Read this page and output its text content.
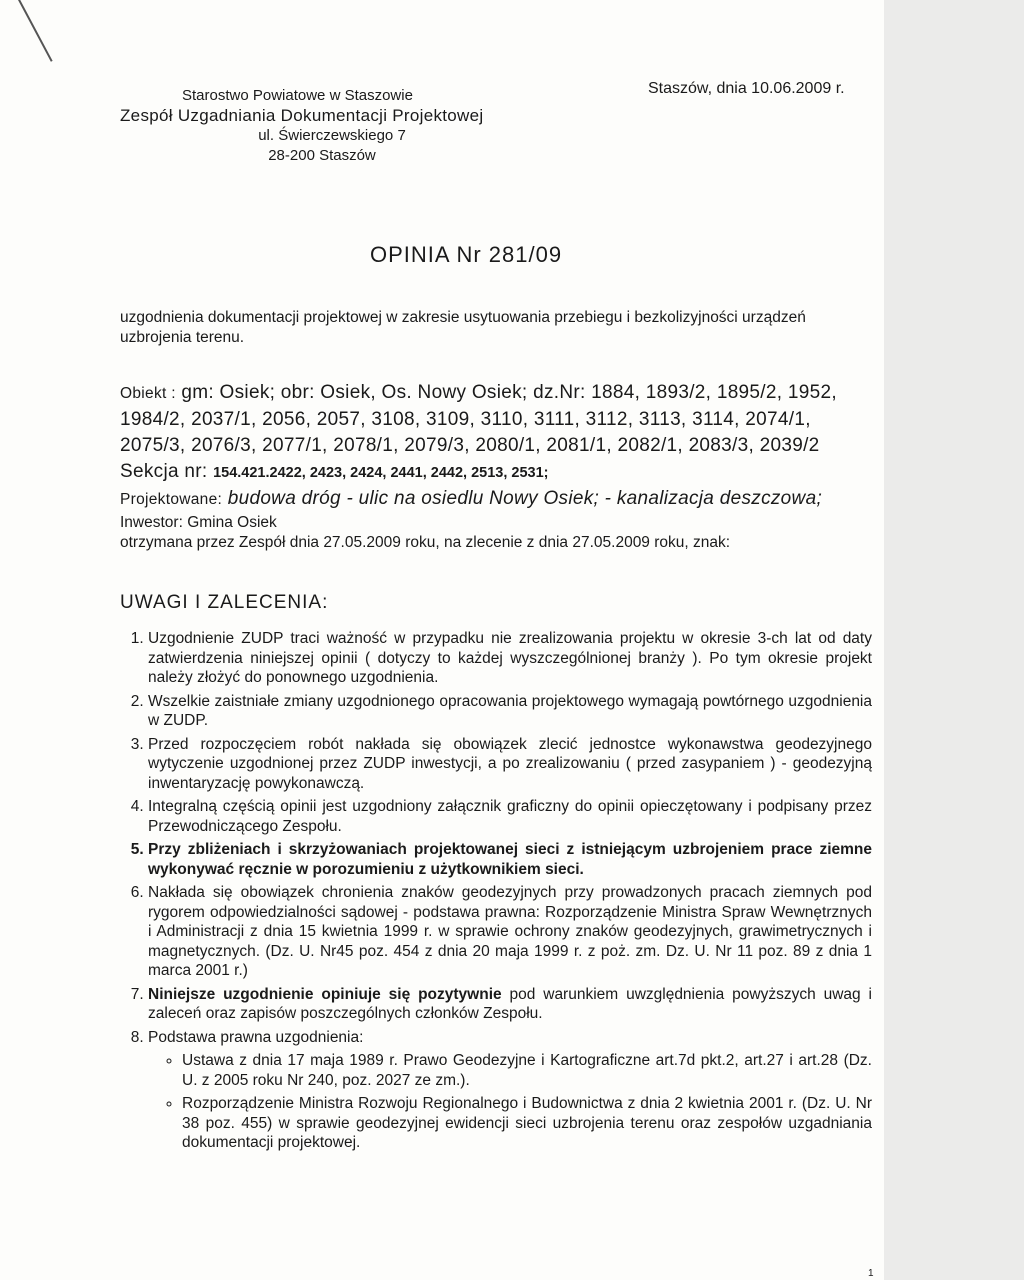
Starostwo Powiatowe w Staszowie
Zespół Uzgadniania Dokumentacji Projektowej
ul. Świerczewskiego 7
28-200 Staszów
Staszów, dnia 10.06.2009 r.
OPINIA Nr 281/09

uzgodnienia dokumentacji projektowej w zakresie usytuowania przebiegu i bezkolizyjności urządzeń uzbrojenia terenu.

Obiekt : gm: Osiek; obr: Osiek, Os. Nowy Osiek; dz.Nr: 1884, 1893/2, 1895/2, 1952, 1984/2, 2037/1, 2056, 2057, 3108, 3109, 3110, 3111, 3112, 3113, 3114, 2074/1, 2075/3, 2076/3, 2077/1, 2078/1, 2079/3, 2080/1, 2081/1, 2082/1, 2083/3, 2039/2

Sekcja nr: 154.421.2422, 2423, 2424, 2441, 2442, 2513, 2531;

Projektowane: budowa dróg - ulic na osiedlu Nowy Osiek; - kanalizacja deszczowa;

Inwestor: Gmina Osiek

otrzymana przez Zespół dnia 27.05.2009 roku, na zlecenie z dnia 27.05.2009 roku, znak:

UWAGI I ZALECENIA:

1. Uzgodnienie ZUDP traci ważność w przypadku nie zrealizowania projektu w okresie 3-ch lat od daty zatwierdzenia niniejszej opinii ( dotyczy to każdej wyszczególnionej branży ). Po tym okresie projekt należy złożyć do ponownego uzgodnienia.
2. Wszelkie zaistniałe zmiany uzgodnionego opracowania projektowego wymagają powtórnego uzgodnienia w ZUDP.
3. Przed rozpoczęciem robót nakłada się obowiązek zlecić jednostce wykonawstwa geodezyjnego wytyczenie uzgodnionej przez ZUDP inwestycji, a po zrealizowaniu ( przed zasypaniem ) - geodezyjną inwentaryzację powykonawczą.
4. Integralną częścią opinii jest uzgodniony załącznik graficzny do opinii opieczętowany i podpisany przez Przewodniczącego Zespołu.
5. Przy zbliżeniach i skrzyżowaniach projektowanej sieci z istniejącym uzbrojeniem prace ziemne wykonywać ręcznie w porozumieniu z użytkownikiem sieci.
6. Nakłada się obowiązek chronienia znaków geodezyjnych przy prowadzonych pracach ziemnych pod rygorem odpowiedzialności sądowej - podstawa prawna: Rozporządzenie Ministra Spraw Wewnętrznych i Administracji z dnia 15 kwietnia 1999 r. w sprawie ochrony znaków geodezyjnych, grawimetrycznych i magnetycznych. (Dz. U. Nr45 poz. 454 z dnia 20 maja 1999 r. z poż. zm. Dz. U. Nr 11 poz. 89 z dnia 1 marca 2001 r.)
7. Niniejsze uzgodnienie opiniuje się pozytywnie pod warunkiem uwzględnienia powyższych uwag i zaleceń oraz zapisów poszczególnych członków Zespołu.
8. Podstawa prawna uzgodnienia:
◦ Ustawa z dnia 17 maja 1989 r. Prawo Geodezyjne i Kartograficzne art.7d pkt.2, art.27 i art.28 (Dz. U. z 2005 roku Nr 240, poz. 2027 ze zm.).
◦ Rozporządzenie Ministra Rozwoju Regionalnego i Budownictwa z dnia 2 kwietnia 2001 r. (Dz. U. Nr 38 poz. 455) w sprawie geodezyjnej ewidencji sieci uzbrojenia terenu oraz zespołów uzgadniania dokumentacji projektowej.
1
